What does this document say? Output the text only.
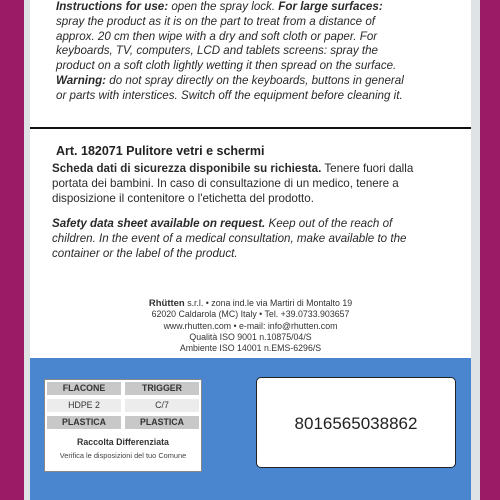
Instructions for use: open the spray lock. For large surfaces:
spray the product as it is on the part to treat from a distance of
approx. 20 cm then wipe with a dry and soft cloth or paper. For
keyboards, TV, computers, LCD and tablets screens: spray the
product on a soft cloth lightly wetting it then spread on the surface.
Warning: do not spray directly on the keyboards, buttons in general
or parts with interstices. Switch off the equipment before cleaning it.
Art. 182071 Pulitore vetri e schermi
Scheda dati di sicurezza disponibile su richiesta. Tenere fuori dalla
portata dei bambini. In caso di consultazione di un medico, tenere a
disposizione il contenitore o l'etichetta del prodotto.
Safety data sheet available on request. Keep out of the reach of
children. In the event of a medical consultation, make available to the
container or the label of the product.
Rhütten s.r.l. • zona ind.le via Martiri di Montalto 19
62020 Caldarola (MC) Italy • Tel. +39.0733.903657
www.rhutten.com • e-mail: info@rhutten.com
Qualità ISO 9001 n.10875/04/S
Ambiente ISO 14001 n.EMS-6296/S
FLACONE	TRIGGER
HDPE 2	C/7
PLASTICA	PLASTICA
Raccolta Differenziata
Verifica le disposizioni del tuo Comune
8016565038862
